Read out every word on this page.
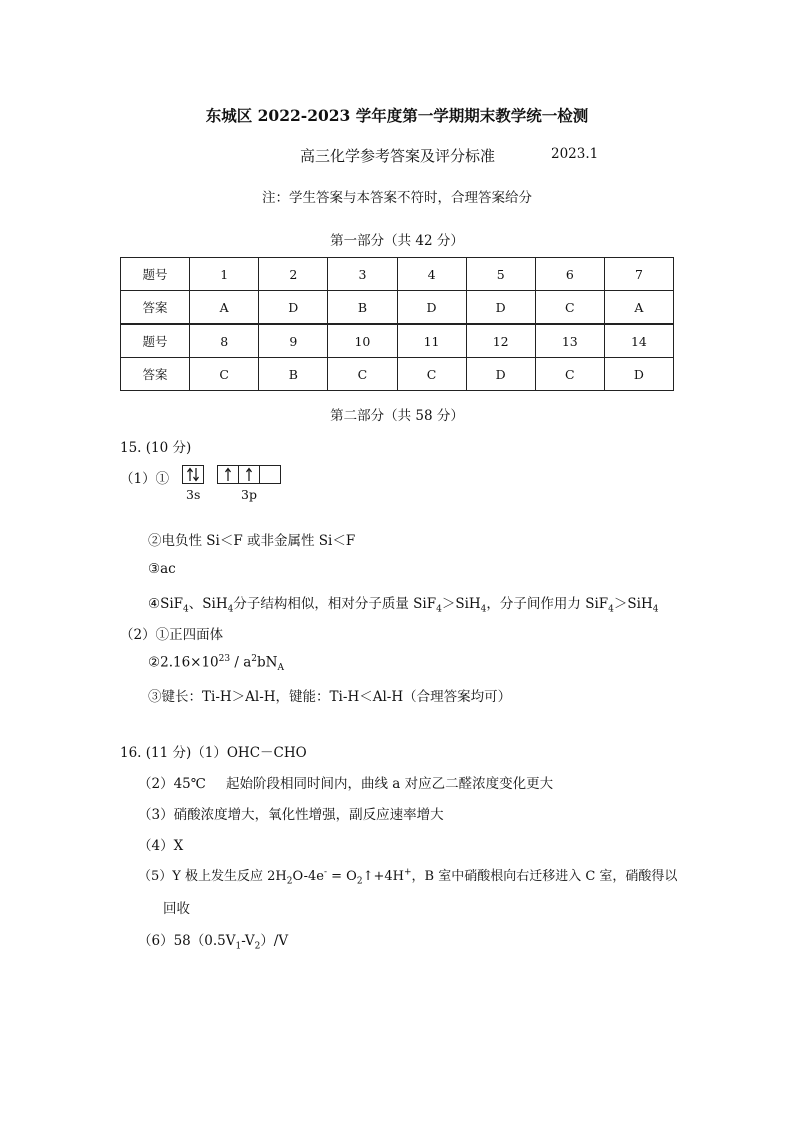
东城区 2022-2023 学年度第一学期期末教学统一检测
高三化学参考答案及评分标准	2023.1
注：学生答案与本答案不符时，合理答案给分
第一部分（共 42 分）
题号	1	2	3	4	5	6	7
答案	A	D	B	D	D	C	A
题号	8	9	10	11	12	13	14
答案	C	B	C	C	D	C	D
第二部分（共 58 分）
15. (10 分)
（1）①
3s	3p
②电负性 Si＜F 或非金属性 Si＜F
③ac
④SiF$_4$、SiH$_4$分子结构相似，相对分子质量 SiF$_4$＞SiH$_4$，分子间作用力 SiF$_4$＞SiH$_4$
（2）①正四面体
$②2.16\times 10^{23} / a^2bN_A$
③键长：Ti-H＞Al-H，键能：Ti-H＜Al-H（合理答案均可）
16. (11 分)（1）OHC－CHO
（2）45℃ 起始阶段相同时间内，曲线 a 对应乙二醛浓度变化更大
（3）硝酸浓度增大，氧化性增强，副反应速率增大
（4）X
（5）Y 极上发生反应 $2H_2O-4e^-$ = $O_2↑+4H^+$，B 室中硝酸根向右迁移进入 C 室，硝酸得以
回收
$(6)58(0.5V_1-V_2)/V$
